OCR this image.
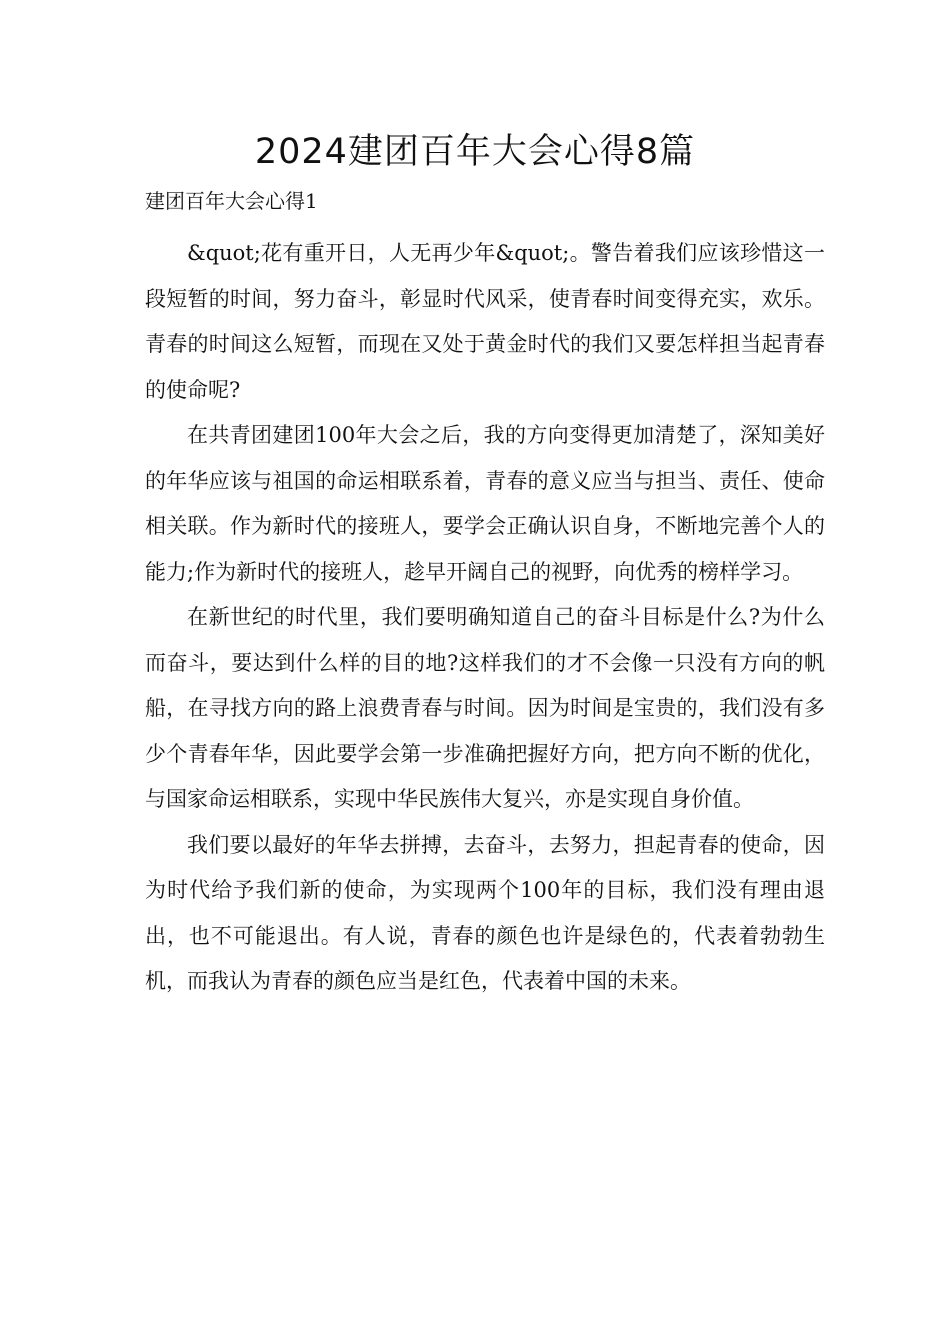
2024建团百年大会心得8篇
建团百年大会心得1

&quot;花有重开日，人无再少年&quot;。警告着我们应该珍惜这一段短暂的时间，努力奋斗，彰显时代风采，使青春时间变得充实，欢乐。青春的时间这么短暂，而现在又处于黄金时代的我们又要怎样担当起青春的使命呢?

在共青团建团100年大会之后，我的方向变得更加清楚了，深知美好的年华应该与祖国的命运相联系着，青春的意义应当与担当、责任、使命相关联。作为新时代的接班人，要学会正确认识自身，不断地完善个人的能力;作为新时代的接班人，趁早开阔自己的视野，向优秀的榜样学习。

在新世纪的时代里，我们要明确知道自己的奋斗目标是什么?为什么而奋斗，要达到什么样的目的地?这样我们的才不会像一只没有方向的帆船，在寻找方向的路上浪费青春与时间。因为时间是宝贵的，我们没有多少个青春年华，因此要学会第一步准确把握好方向，把方向不断的优化，与国家命运相联系，实现中华民族伟大复兴，亦是实现自身价值。

我们要以最好的年华去拼搏，去奋斗，去努力，担起青春的使命，因为时代给予我们新的使命，为实现两个100年的目标，我们没有理由退出，也不可能退出。有人说，青春的颜色也许是绿色的，代表着勃勃生机，而我认为青春的颜色应当是红色，代表着中国的未来。
